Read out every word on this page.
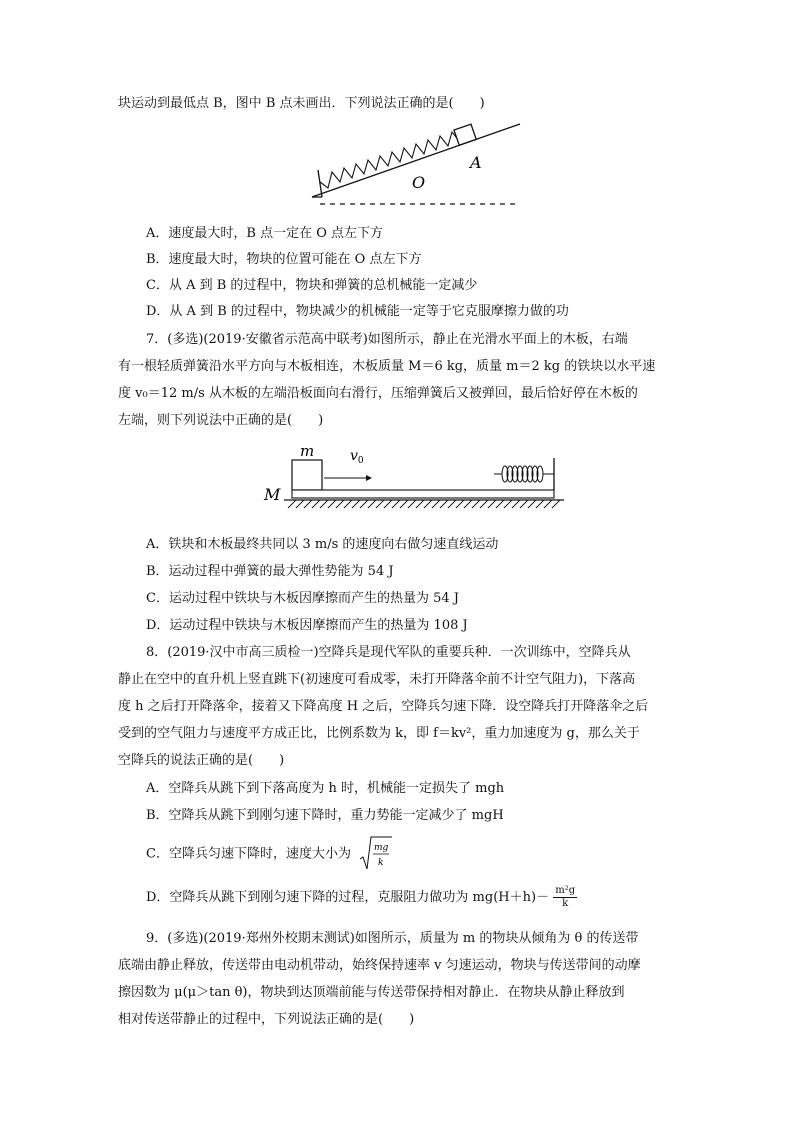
块运动到最低点 B，图中 B 点未画出．下列说法正确的是(　　)
O
A
A．速度最大时，B 点一定在 O 点左下方
B．速度最大时，物块的位置可能在 O 点左下方
C．从 A 到 B 的过程中，物块和弹簧的总机械能一定减少
D．从 A 到 B 的过程中，物块减少的机械能一定等于它克服摩擦力做的功
7．(多选)(2019·安徽省示范高中联考)如图所示，静止在光滑水平面上的木板，右端
有一根轻质弹簧沿水平方向与木板相连，木板质量 M＝6 kg，质量 m＝2 kg 的铁块以水平速
度 v₀＝12 m/s 从木板的左端沿板面向右滑行，压缩弹簧后又被弹回，最后恰好停在木板的
左端，则下列说法中正确的是(　　)
m	$v_0$
M
A．铁块和木板最终共同以 3 m/s 的速度向右做匀速直线运动
B．运动过程中弹簧的最大弹性势能为 54 J
C．运动过程中铁块与木板因摩擦而产生的热量为 54 J
D．运动过程中铁块与木板因摩擦而产生的热量为 108 J
8．(2019·汉中市高三质检一)空降兵是现代军队的重要兵种．一次训练中，空降兵从
静止在空中的直升机上竖直跳下(初速度可看成零，未打开降落伞前不计空气阻力)，下落高
度 h 之后打开降落伞，接着又下降高度 H 之后，空降兵匀速下降．设空降兵打开降落伞之后
受到的空气阻力与速度平方成正比，比例系数为 k，即 f＝kv²，重力加速度为 g，那么关于
空降兵的说法正确的是(　　)
A．空降兵从跳下到下落高度为 h 时，机械能一定损失了 mgh
B．空降兵从跳下到刚匀速下降时，重力势能一定减少了 mgH
C．空降兵匀速下降时，速度大小为	mg
k
D．空降兵从跳下到刚匀速下降的过程，克服阻力做功为 $mg(H+h)- \frac{\text{m²g}}{k}$
9．(多选)(2019·郑州外校期末测试)如图所示，质量为 m 的物块从倾角为 θ 的传送带
底端由静止释放，传送带由电动机带动，始终保持速率 v 匀速运动，物块与传送带间的动摩
擦因数为 μ(μ＞tan θ)，物块到达顶端前能与传送带保持相对静止．在物块从静止释放到
相对传送带静止的过程中，下列说法正确的是(　　)
